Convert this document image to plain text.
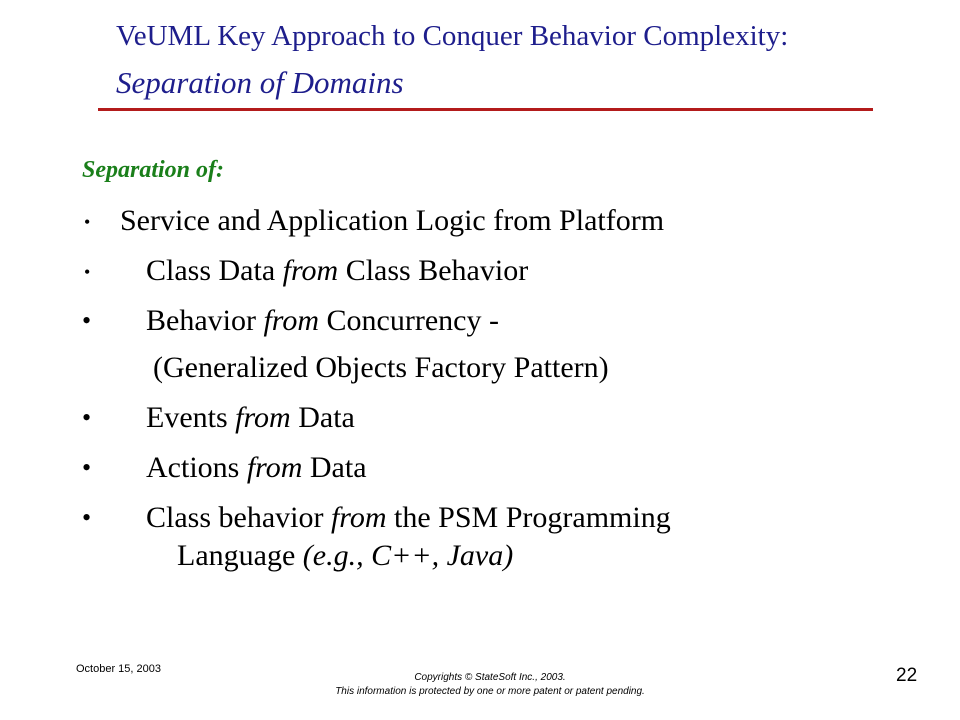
VeUML Key Approach to Conquer Behavior Complexity:
Separation of Domains
Separation of:
• Service and Application Logic from Platform
• Class Data from Class Behavior
• Behavior from Concurrency -
(Generalized Objects Factory Pattern)
• Events from Data
• Actions from Data
• Class behavior from the PSM Programming
Language (e.g., C++, Java)
October 15, 2003
Copyrights © StateSoft Inc., 2003.
This information is protected by one or more patent or patent pending.
22
